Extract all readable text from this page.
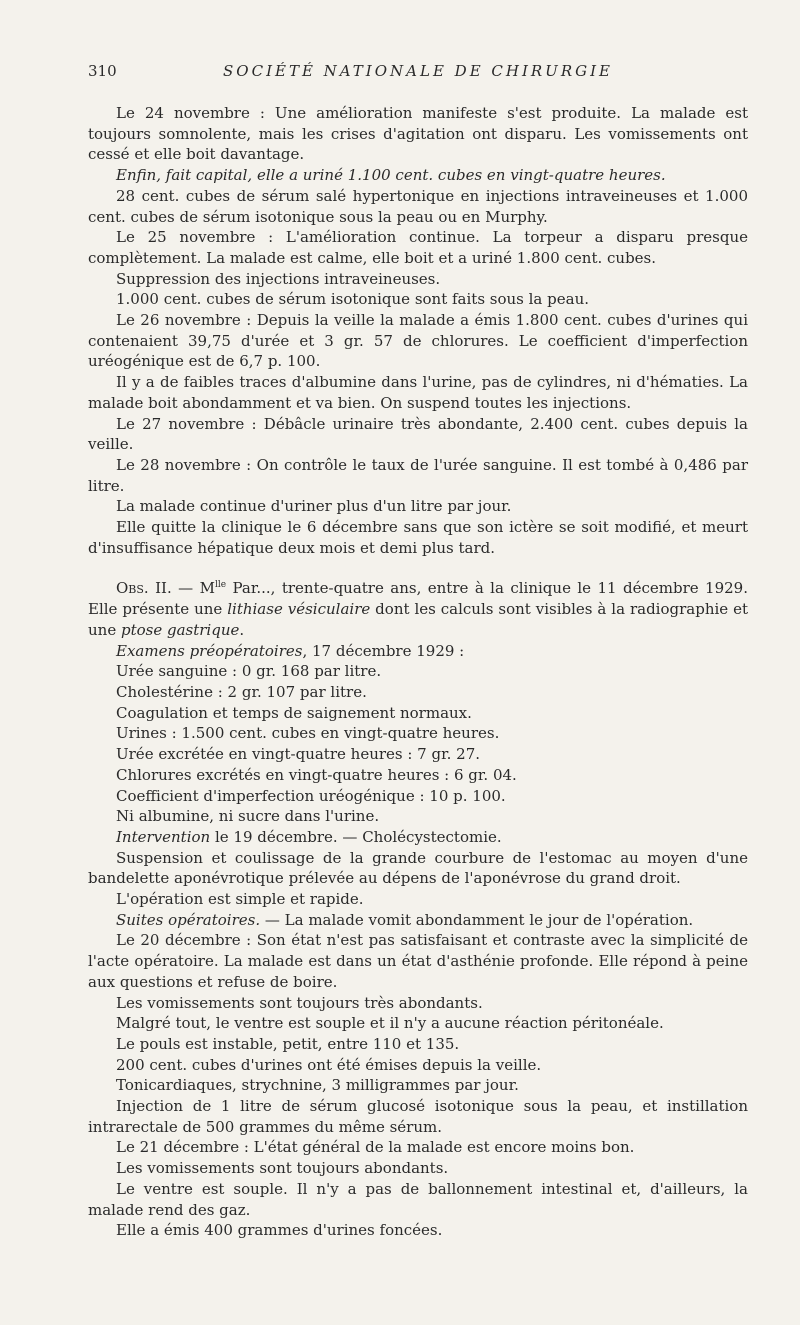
310	SOCIÉTÉ NATIONALE DE CHIRURGIE

Le 24 novembre : Une amélioration manifeste s'est produite. La malade est toujours somnolente, mais les crises d'agitation ont disparu. Les vomissements ont cessé et elle boit davantage.

Enfin, fait capital, elle a uriné 1.100 cent. cubes en vingt-quatre heures.

28 cent. cubes de sérum salé hypertonique en injections intraveineuses et 1.000 cent. cubes de sérum isotonique sous la peau ou en Murphy.

Le 25 novembre : L'amélioration continue. La torpeur a disparu presque complètement. La malade est calme, elle boit et a uriné 1.800 cent. cubes.

Suppression des injections intraveineuses.

1.000 cent. cubes de sérum isotonique sont faits sous la peau.

Le 26 novembre : Depuis la veille la malade a émis 1.800 cent. cubes d'urines qui contenaient 39,75 d'urée et 3 gr. 57 de chlorures. Le coefficient d'imperfection uréogénique est de 6,7 p. 100.

Il y a de faibles traces d'albumine dans l'urine, pas de cylindres, ni d'hématies. La malade boit abondamment et va bien. On suspend toutes les injections.

Le 27 novembre : Débâcle urinaire très abondante, 2.400 cent. cubes depuis la veille.

Le 28 novembre : On contrôle le taux de l'urée sanguine. Il est tombé à 0,486 par litre.

La malade continue d'uriner plus d'un litre par jour.

Elle quitte la clinique le 6 décembre sans que son ictère se soit modifié, et meurt d'insuffisance hépatique deux mois et demi plus tard.

Obs. II. — $M^{lle}$ Par..., trente-quatre ans, entre à la clinique le 11 décembre 1929. Elle présente une lithiase vésiculaire dont les calculs sont visibles à la radiographie et une ptose gastrique.

Examens préopératoires, 17 décembre 1929 :

Urée sanguine : 0 gr. 168 par litre.

Cholestérine : 2 gr. 107 par litre.

Coagulation et temps de saignement normaux.

Urines : 1.500 cent. cubes en vingt-quatre heures.

Urée excrétée en vingt-quatre heures : 7 gr. 27.

Chlorures excrétés en vingt-quatre heures : 6 gr. 04.

Coefficient d'imperfection uréogénique : 10 p. 100.

Ni albumine, ni sucre dans l'urine.

Intervention le 19 décembre. — Cholécystectomie.

Suspension et coulissage de la grande courbure de l'estomac au moyen d'une bandelette aponévrotique prélevée au dépens de l'aponévrose du grand droit.

L'opération est simple et rapide.

Suites opératoires. — La malade vomit abondamment le jour de l'opération.

Le 20 décembre : Son état n'est pas satisfaisant et contraste avec la simplicité de l'acte opératoire. La malade est dans un état d'asthénie profonde. Elle répond à peine aux questions et refuse de boire.

Les vomissements sont toujours très abondants.

Malgré tout, le ventre est souple et il n'y a aucune réaction péritonéale.

Le pouls est instable, petit, entre 110 et 135.

200 cent. cubes d'urines ont été émises depuis la veille.

Tonicardiaques, strychnine, 3 milligrammes par jour.

Injection de 1 litre de sérum glucosé isotonique sous la peau, et instillation intrarectale de 500 grammes du même sérum.

Le 21 décembre : L'état général de la malade est encore moins bon.

Les vomissements sont toujours abondants.

Le ventre est souple. Il n'y a pas de ballonnement intestinal et, d'ailleurs, la malade rend des gaz.

Elle a émis 400 grammes d'urines foncées.
